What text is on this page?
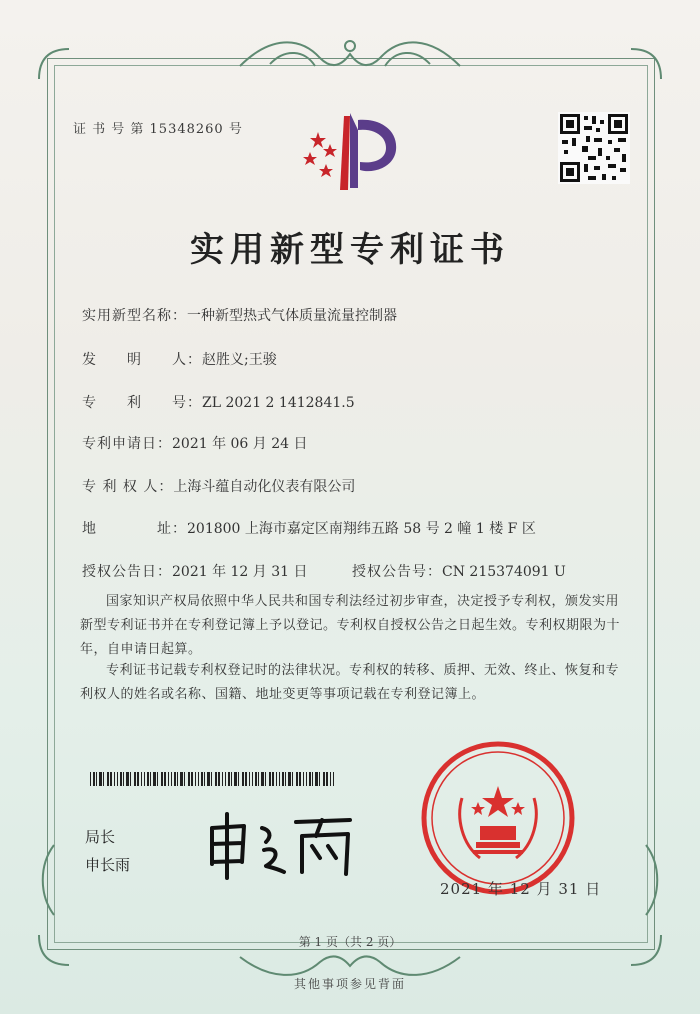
证 书 号 第 15348260 号
实用新型专利证书
实用新型名称：一种新型热式气体质量流量控制器
发　　明　　人：赵胜义;王骏
专　　利　　号：ZL 2021 2 1412841.5
专利申请日：2021 年 06 月 24 日
专 利 权 人：上海斗蕴自动化仪表有限公司
地　　　　址：201800 上海市嘉定区南翔纬五路 58 号 2 幢 1 楼 F 区
授权公告日：2021 年 12 月 31 日	授权公告号：CN 215374091 U
国家知识产权局依照中华人民共和国专利法经过初步审查，决定授予专利权，颁发实用新型专利证书并在专利登记簿上予以登记。专利权自授权公告之日起生效。专利权期限为十年，自申请日起算。
专利证书记载专利权登记时的法律状况。专利权的转移、质押、无效、终止、恢复和专利权人的姓名或名称、国籍、地址变更等事项记载在专利登记簿上。
局长
申长雨
2021 年 12 月 31 日
第 1 页（共 2 页）
其他事项参见背面
